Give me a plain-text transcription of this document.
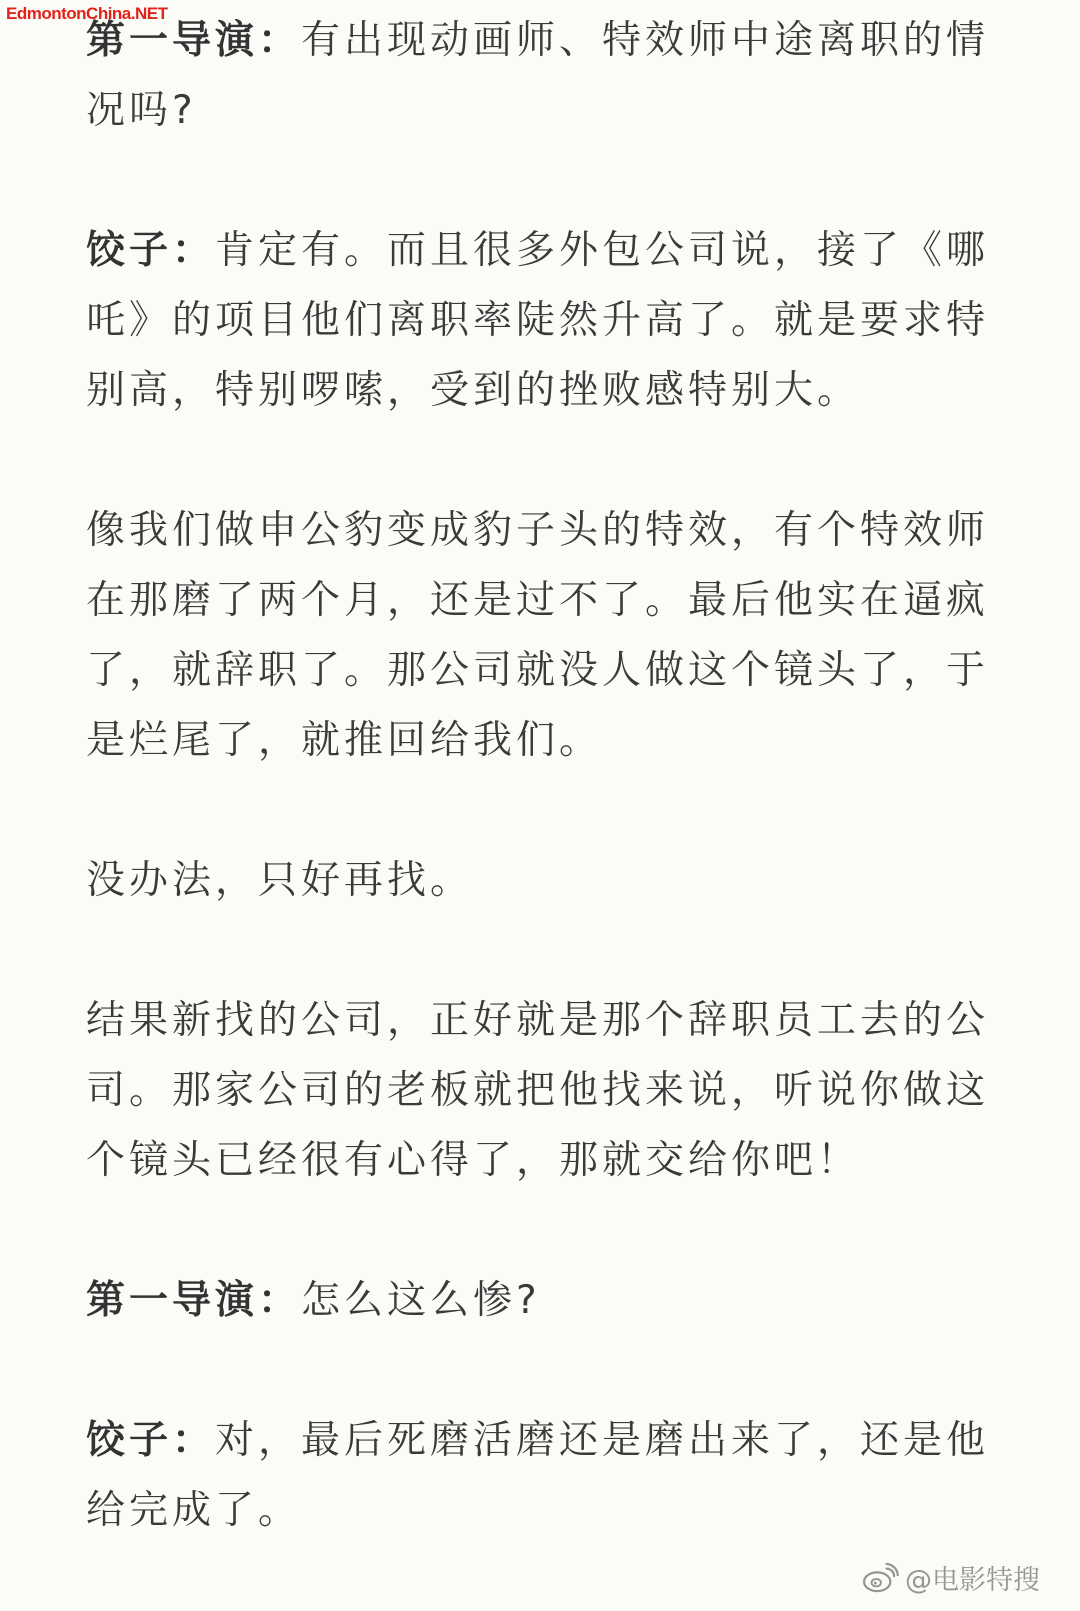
EdmontonChina.NET

第一导演：有出现动画师、特效师中途离职的情况吗?

饺子：肯定有。而且很多外包公司说，接了《哪吒》的项目他们离职率陡然升高了。就是要求特别高，特别啰嗦，受到的挫败感特别大。

像我们做申公豹变成豹子头的特效，有个特效师在那磨了两个月，还是过不了。最后他实在逼疯了，就辞职了。那公司就没人做这个镜头了，于是烂尾了，就推回给我们。

没办法，只好再找。

结果新找的公司，正好就是那个辞职员工去的公司。那家公司的老板就把他找来说，听说你做这个镜头已经很有心得了，那就交给你吧！

第一导演：怎么这么惨?

饺子：对，最后死磨活磨还是磨出来了，还是他给完成了。

@电影特搜
